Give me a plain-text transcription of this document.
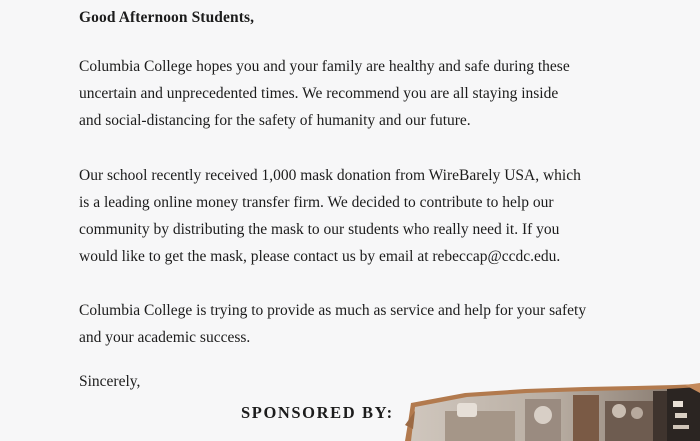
Good Afternoon Students,

Columbia College hopes you and your family are healthy and safe during these
uncertain and unprecedented times. We recommend you are all staying inside
and social-distancing for the safety of humanity and our future.

Our school recently received 1,000 mask donation from WireBarely USA, which
is a leading online money transfer firm. We decided to contribute to help our
community by distributing the mask to our students who really need it. If you
would like to get the mask, please contact us by email at rebeccap@ccdc.edu.

Columbia College is trying to provide as much as service and help for your safety
and your academic success.

Sincerely,
SPONSORED BY:
